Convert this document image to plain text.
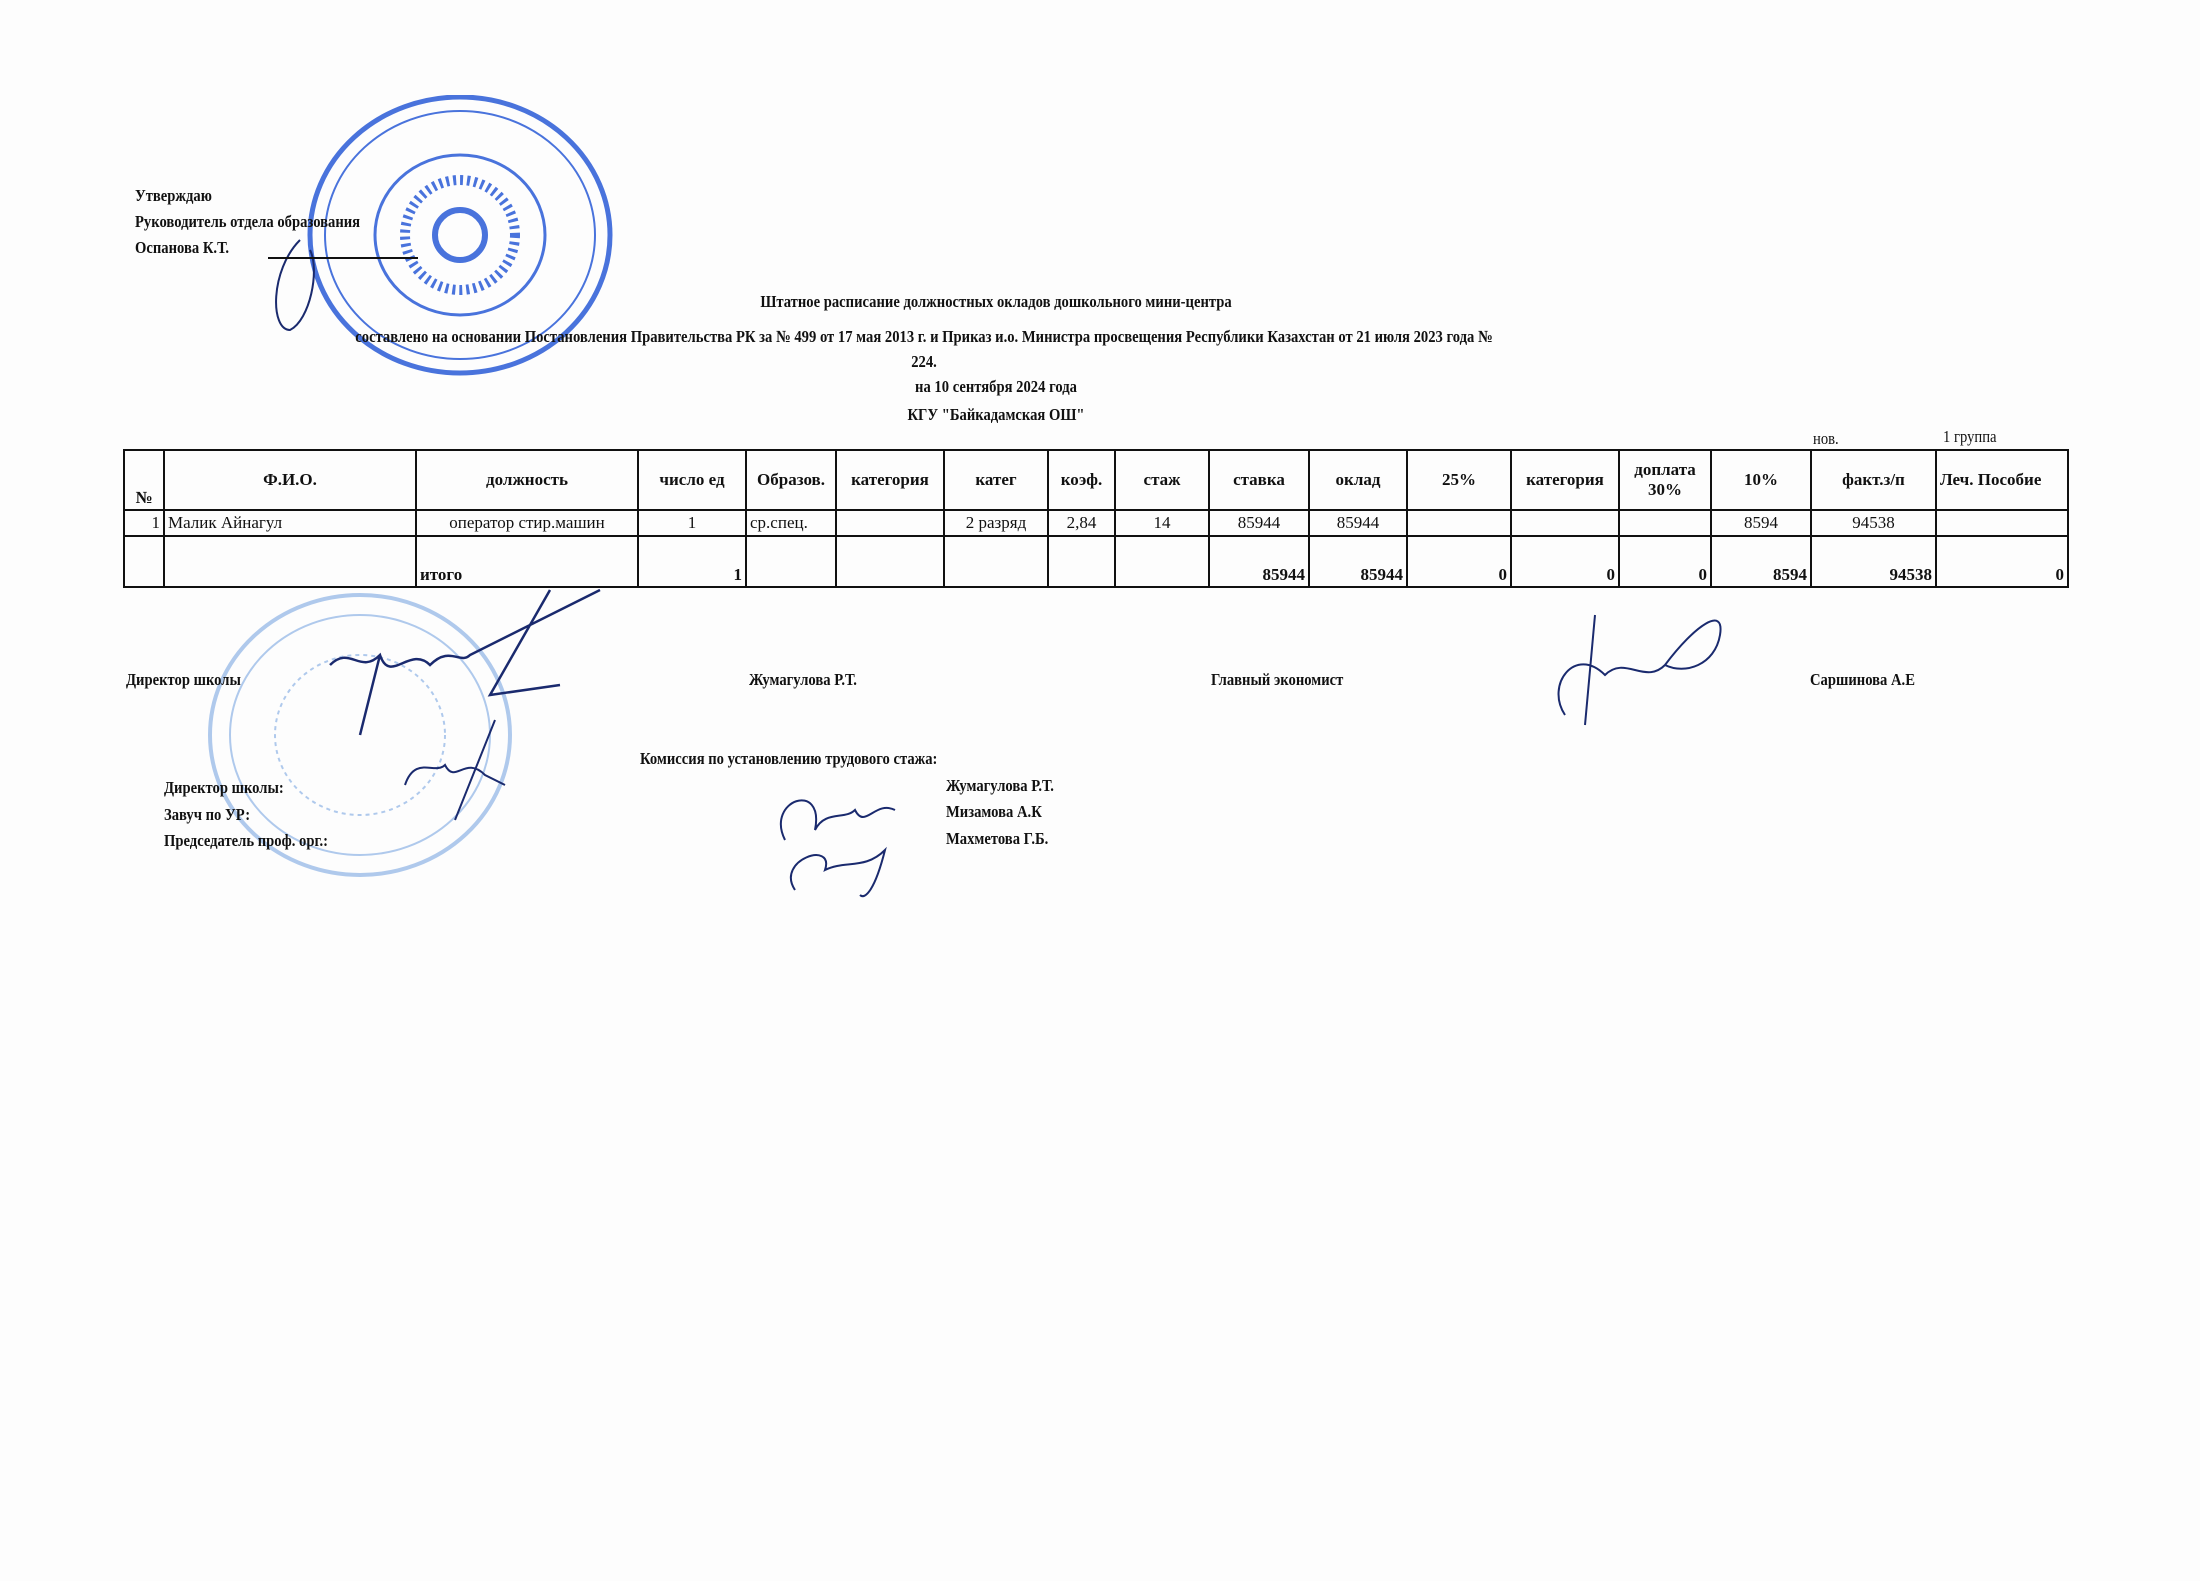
Утверждаю
Руководитель отдела образования
Оспанова К.Т.
Штатное расписание должностных окладов дошкольного мини-центра
составлено на основании Постановления Правительства РК за № 499 от 17 мая 2013 г. и Приказ и.о. Министра просвещения Республики Казахстан от 21 июля 2023 года №
224.
на 10 сентября 2024 года
КГУ "Байкадамская ОШ"
нов.	1 группа
№	Ф.И.О.	должность	число ед	Образов.	категория	катег	коэф.	стаж	ставка	оклад	25%	категория	доплата 30%	10%	факт.з/п	Леч. Пособие
1	Малик Айнагул	оператор стир.машин	1	ср.спец.		2 разряд	2,84	14	85944	85944				8594	94538	
		итого	1						85944	85944	0	0	0	8594	94538	0
Директор школы	Жумагулова Р.Т.	Главный экономист	Саршинова А.Е
Комиссия по установлению трудового стажа:
Директор школы:
Завуч по УР:
Председатель проф. орг.:
Жумагулова Р.Т.
Мизамова А.К
Махметова Г.Б.
